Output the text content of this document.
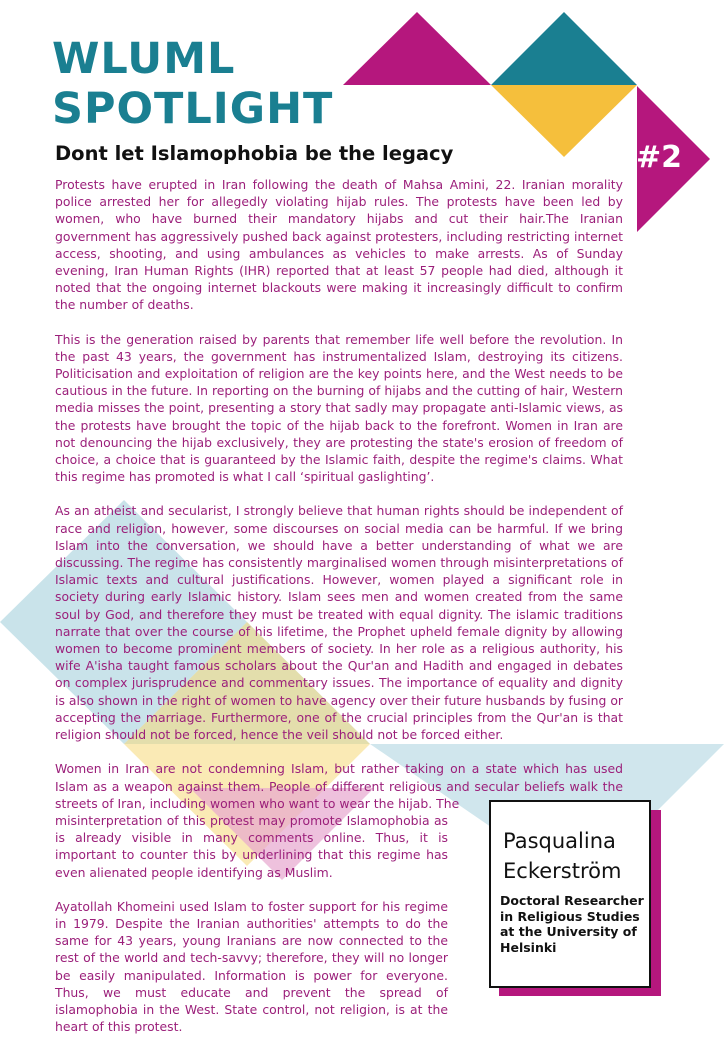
WLUML
SPOTLIGHT
Dont let Islamophobia be the legacy	#2

Protests have erupted in Iran following the death of Mahsa Amini, 22. Iranian morality police arrested her for allegedly violating hijab rules. The protests have been led by women, who have burned their mandatory hijabs and cut their hair.The Iranian government has aggressively pushed back against protesters, including restricting internet access, shooting, and using ambulances as vehicles to make arrests. As of Sunday evening, Iran Human Rights (IHR) reported that at least 57 people had died, although it noted that the ongoing internet blackouts were making it increasingly difficult to confirm the number of deaths.

This is the generation raised by parents that remember life well before the revolution. In the past 43 years, the government has instrumentalized Islam, destroying its citizens. Politicisation and exploitation of religion are the key points here, and the West needs to be cautious in the future. In reporting on the burning of hijabs and the cutting of hair, Western media misses the point, presenting a story that sadly may propagate anti-Islamic views, as the protests have brought the topic of the hijab back to the forefront. Women in Iran are not denouncing the hijab exclusively, they are protesting the state's erosion of freedom of choice, a choice that is guaranteed by the Islamic faith, despite the regime's claims. What this regime has promoted is what I call ‘spiritual gaslighting’.

As an atheist and secularist, I strongly believe that human rights should be independent of race and religion, however, some discourses on social media can be harmful. If we bring Islam into the conversation, we should have a better understanding of what we are discussing. The regime has consistently marginalised women through misinterpretations of Islamic texts and cultural justifications. However, women played a significant role in society during early Islamic history. Islam sees men and women created from the same soul by God, and therefore they must be treated with equal dignity. The islamic traditions narrate that over the course of his lifetime, the Prophet upheld female dignity by allowing women to become prominent members of society. In her role as a religious authority, his wife A'isha taught famous scholars about the Qur'an and Hadith and engaged in debates on complex jurisprudence and commentary issues. The importance of equality and dignity is also shown in the right of women to have agency over their future husbands by fusing or accepting the marriage. Furthermore, one of the crucial principles from the Qur'an is that religion should not be forced, hence the veil should not be forced either.

Women in Iran are not condemning Islam, but rather taking on a state which has used Islam as a weapon against them. People of different religious and secular beliefs walk the streets of Iran, including women who want to wear the hijab. The

misinterpretation of this protest may promote Islamophobia as is already visible in many comments online. Thus, it is important to counter this by underlining that this regime has even alienated people identifying as Muslim.

Ayatollah Khomeini used Islam to foster support for his regime in 1979. Despite the Iranian authorities' attempts to do the same for 43 years, young Iranians are now connected to the rest of the world and tech-savvy; therefore, they will no longer be easily manipulated. Information is power for everyone. Thus, we must educate and prevent the spread of islamophobia in the West. State control, not religion, is at the heart of this protest.

Pasqualina Eckerström

Doctoral Researcher in Religious Studies at the University of Helsinki
